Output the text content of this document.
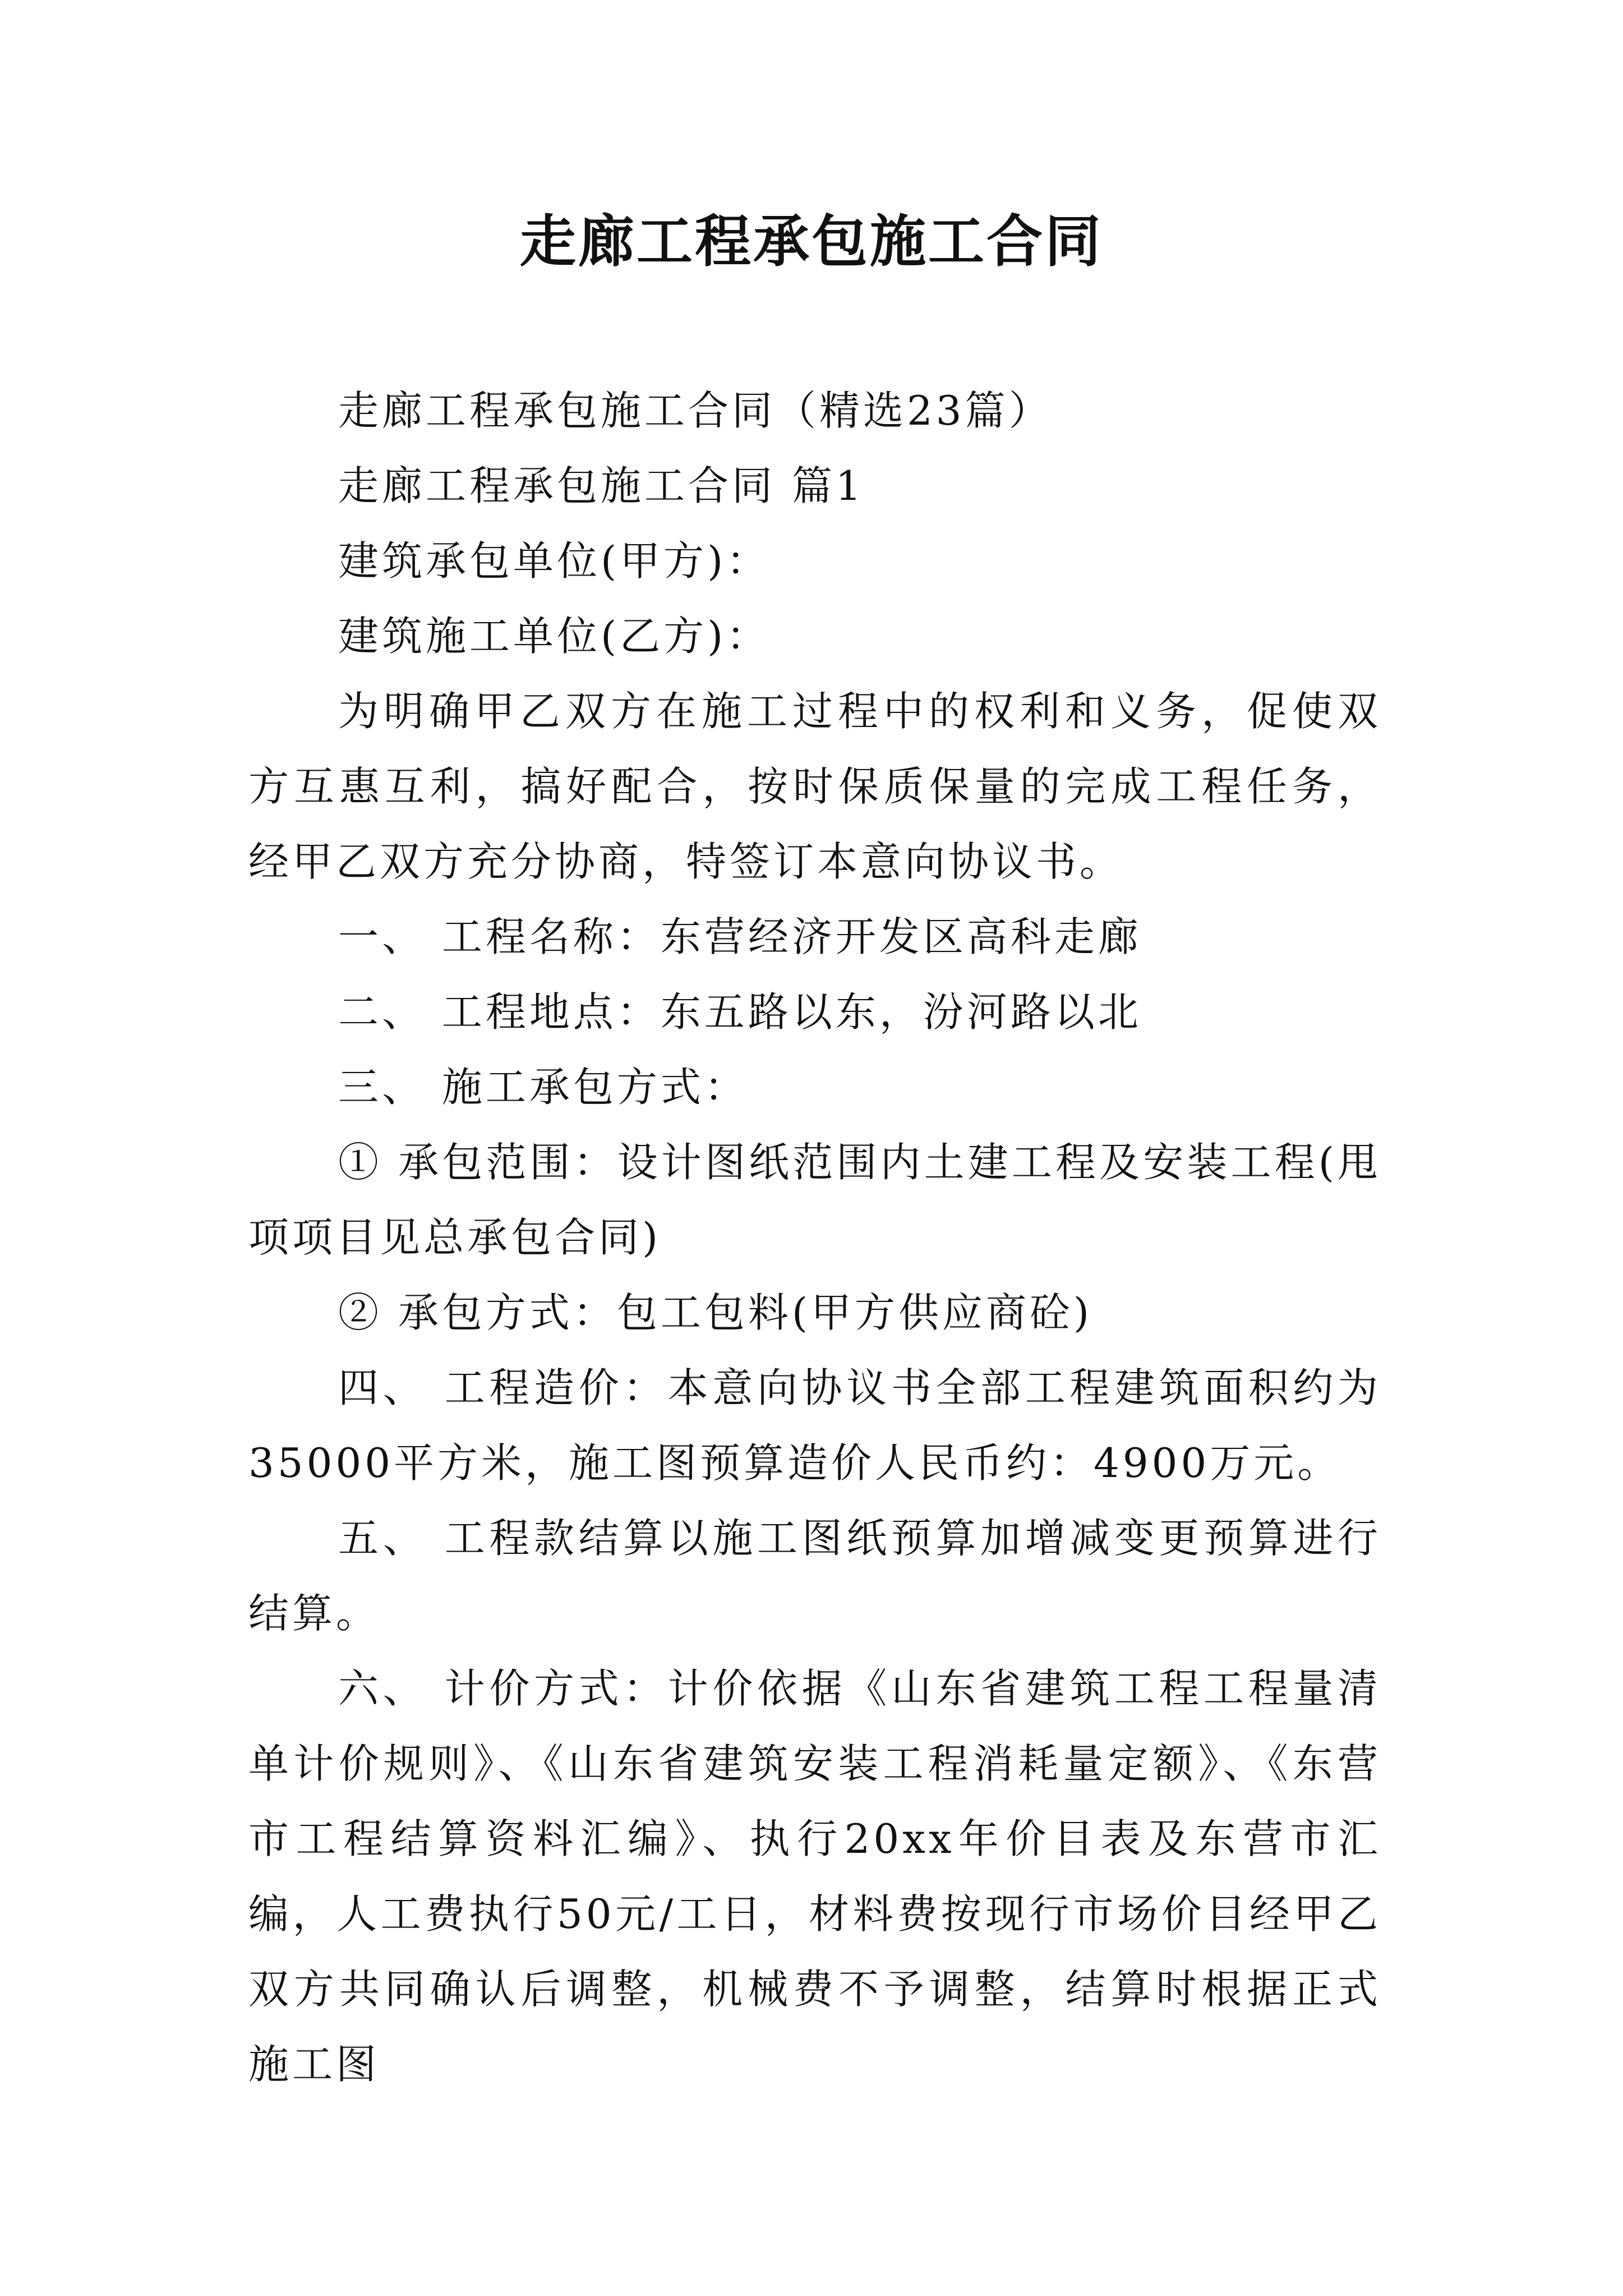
走廊工程承包施工合同

走廊工程承包施工合同（精选23篇）

走廊工程承包施工合同 篇1

建筑承包单位(甲方)：

建筑施工单位(乙方)：

为明确甲乙双方在施工过程中的权利和义务，促使双方互惠互利，搞好配合，按时保质保量的完成工程任务，经甲乙双方充分协商，特签订本意向协议书。

一、 工程名称：东营经济开发区高科走廊

二、 工程地点：东五路以东，汾河路以北

三、 施工承包方式：

① 承包范围：设计图纸范围内土建工程及安装工程(甩项项目见总承包合同)

② 承包方式：包工包料(甲方供应商砼)

四、 工程造价：本意向协议书全部工程建筑面积约为35000平方米，施工图预算造价人民币约：4900万元。

五、 工程款结算以施工图纸预算加增减变更预算进行结算。

六、 计价方式：计价依据《山东省建筑工程工程量清单计价规则》、《山东省建筑安装工程消耗量定额》、《东营市工程结算资料汇编》、执行20xx年价目表及东营市汇编，人工费执行50元/工日，材料费按现行市场价目经甲乙双方共同确认后调整，机械费不予调整，结算时根据正式施工图
